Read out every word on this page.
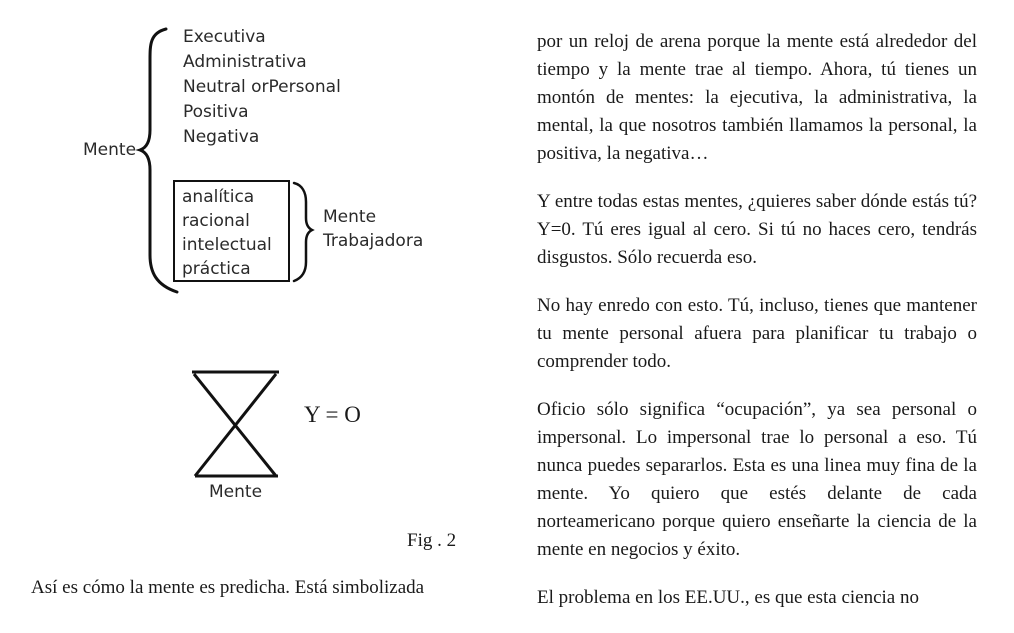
Mente
Executiva
Administrativa
Neutral orPersonal
Positiva
Negativa
analítica
racional
intelectual
práctica
Mente
Trabajadora
Y = O
Mente
Fig . 2
Así es cómo la mente es predicha. Está simbolizada

por un reloj de arena porque la mente está alrededor del tiempo y la mente trae al tiempo. Ahora, tú tienes un montón de mentes: la ejecutiva, la administrativa, la mental, la que nosotros también llamamos la personal, la positiva, la negativa…

Y entre todas estas mentes, ¿quieres saber dónde estás tú? Y=0. Tú eres igual al cero. Si tú no haces cero, tendrás disgustos. Sólo recuerda eso.

No hay enredo con esto. Tú, incluso, tienes que mantener tu mente personal afuera para planificar tu trabajo o comprender todo.

Oficio sólo significa “ocupación”, ya sea personal o impersonal. Lo impersonal trae lo personal a eso. Tú nunca puedes separarlos. Esta es una linea muy fina de la mente. Yo quiero que estés delante de cada norteamericano porque quiero enseñarte la ciencia de la mente en negocios y éxito.

El problema en los EE.UU., es que esta ciencia no
